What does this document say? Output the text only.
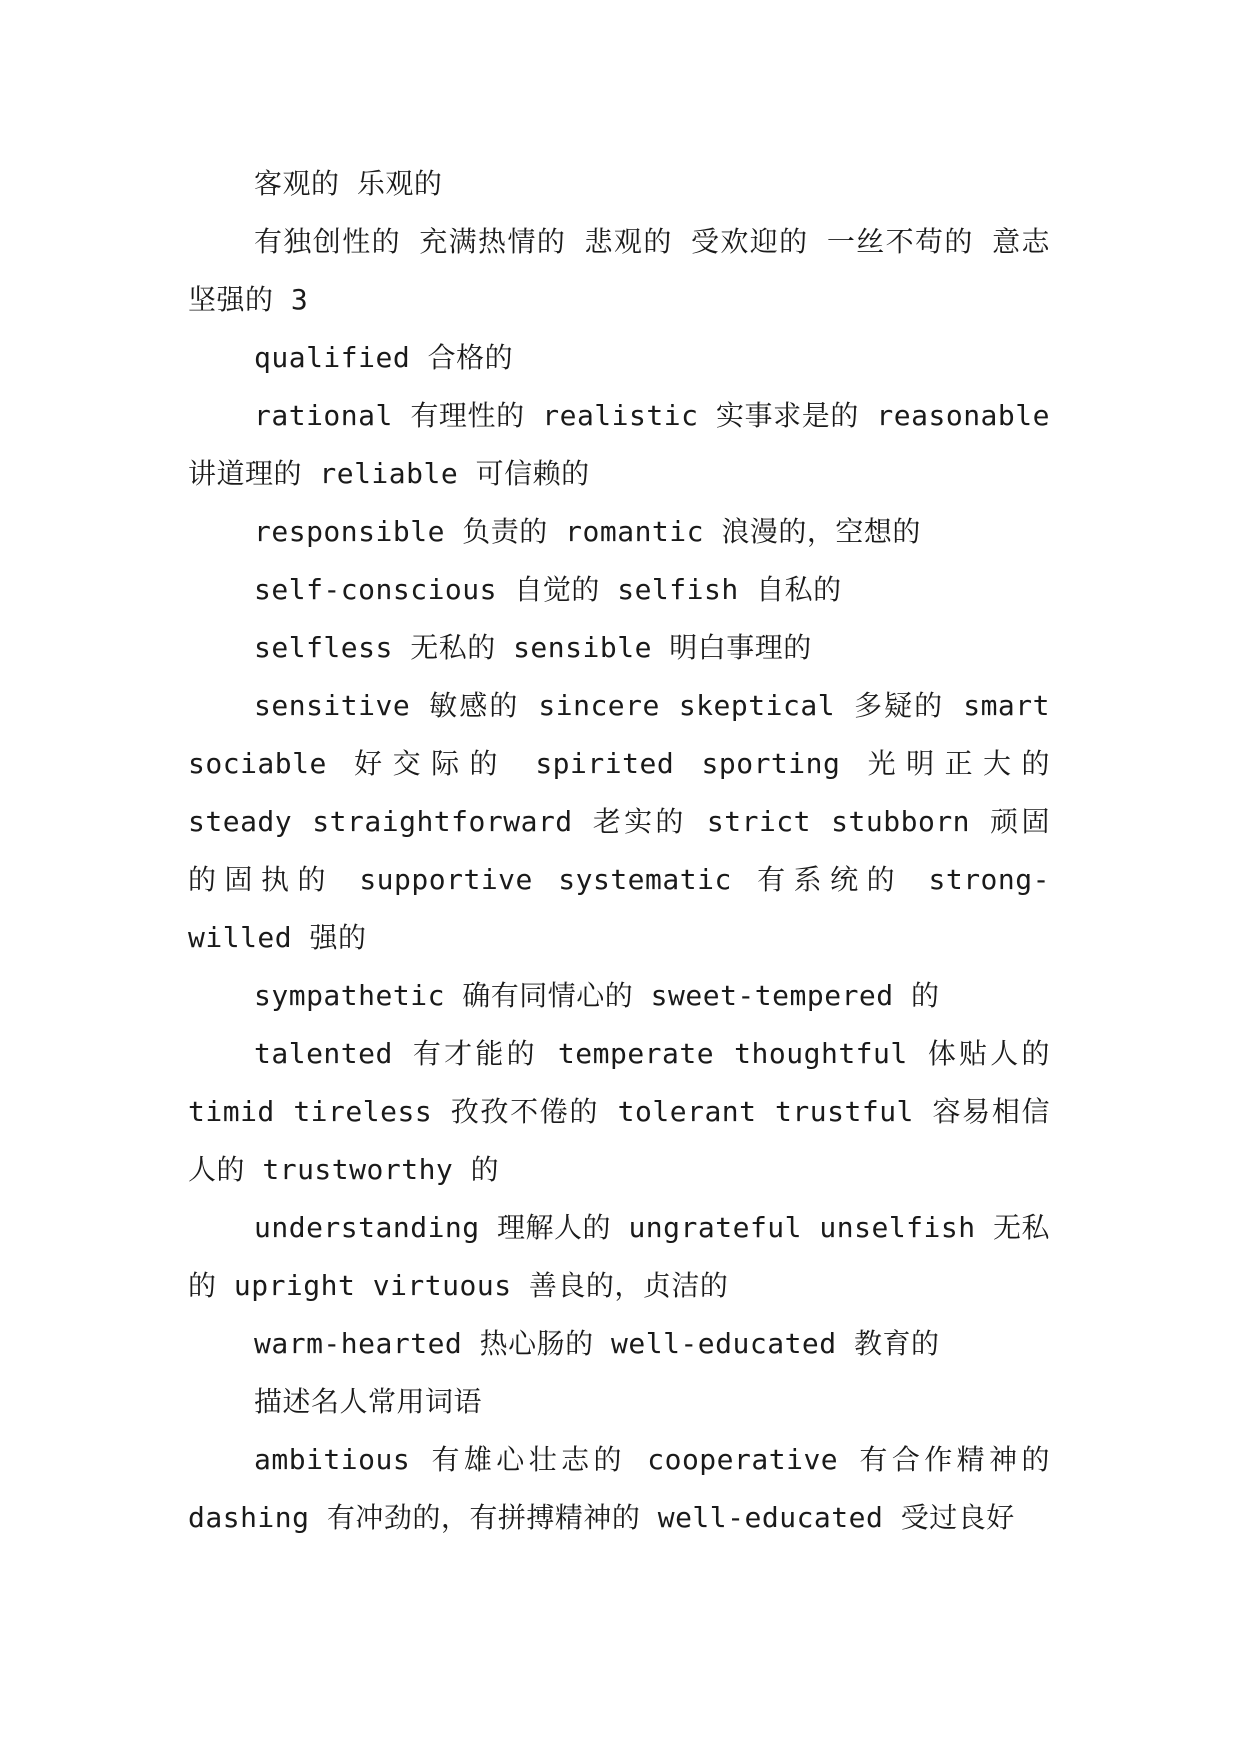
客观的 乐观的

有独创性的 充满热情的 悲观的 受欢迎的 一丝不苟的 意志坚强的 3

qualified 合格的

rational 有理性的 realistic 实事求是的 reasonable 讲道理的 reliable 可信赖的

responsible 负责的 romantic 浪漫的，空想的

self-conscious 自觉的 selfish 自私的

selfless 无私的 sensible 明白事理的

sensitive 敏感的 sincere skeptical 多疑的 smart sociable 好交际的 spirited sporting 光明正大的 steady straightforward 老实的 strict stubborn 顽固的固执的 supportive systematic 有系统的 strong-willed 强的

sympathetic 确有同情心的 sweet-tempered 的

talented 有才能的 temperate thoughtful 体贴人的 timid tireless 孜孜不倦的 tolerant trustful 容易相信人的 trustworthy 的

understanding 理解人的 ungrateful unselfish 无私的 upright virtuous 善良的，贞洁的

warm-hearted 热心肠的 well-educated 教育的

描述名人常用词语

ambitious 有雄心壮志的 cooperative 有合作精神的 dashing 有冲劲的，有拼搏精神的 well-educated 受过良好
